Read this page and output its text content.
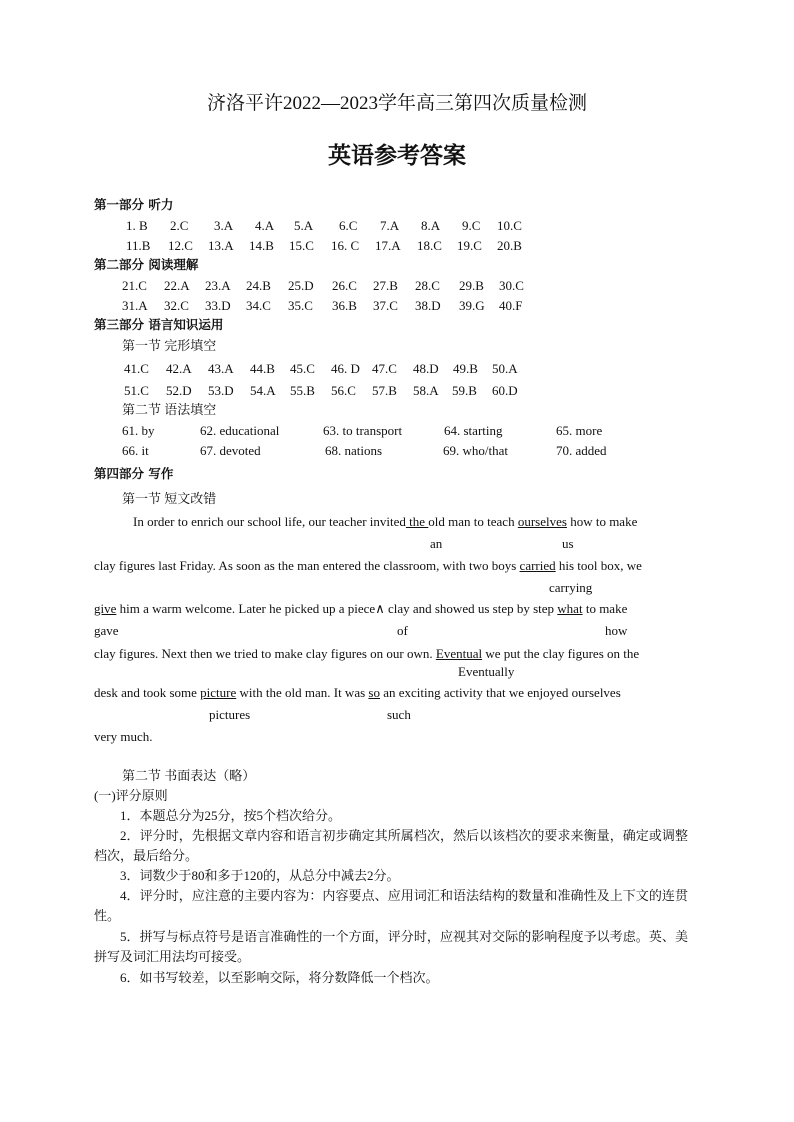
济洛平许2022—2023学年高三第四次质量检测
英语参考答案
第一部分 听力
1. B 2.C 3.A 4.A 5.A 6.C 7.A 8.A 9.C 10.C
11.B 12.C 13.A 14.B 15.C 16. C 17.A 18.C 19.C 20.B
第二部分 阅读理解
21.C 22.A 23.A 24.B 25.D 26.C 27.B 28.C 29.B 30.C
31.A 32.C 33.D 34.C 35.C 36.B 37.C 38.D 39.G 40.F
第三部分 语言知识运用
第一节 完形填空
41.C 42.A 43.A 44.B 45.C 46. D 47.C 48.D 49.B 50.A
51.C 52.D 53.D 54.A 55.B 56.C 57.B 58.A 59.B 60.D
第二节 语法填空
61. by	62. educational	63. to transport	64. starting	65. more
66. it	67. devoted	68. nations	69. who/that	70. added
第四部分 写作
第一节 短文改错
In order to enrich our school life, our teacher invited the old man to teach ourselves how to make
an	us
clay figures last Friday. As soon as the man entered the classroom, with two boys carried his tool box, we
carrying
give him a warm welcome. Later he picked up a piece∧ clay and showed us step by step what to make
gave	of	how
clay figures. Next then we tried to make clay figures on our own. Eventual we put the clay figures on the
Eventually
desk and took some picture with the old man. It was so an exciting activity that we enjoyed ourselves
pictures	such
very much.
第二节 书面表达（略）
(一)评分原则
1．本题总分为25分，按5个档次给分。
2．评分时，先根据文章内容和语言初步确定其所属档次，然后以该档次的要求来衡量，确定或调整档次，最后给分。
3．词数少于80和多于120的，从总分中减去2分。
4．评分时，应注意的主要内容为：内容要点、应用词汇和语法结构的数量和准确性及上下文的连贯性。
5．拼写与标点符号是语言准确性的一个方面，评分时，应视其对交际的影响程度予以考虑。英、美拼写及词汇用法均可接受。
6．如书写较差，以至影响交际，将分数降低一个档次。
